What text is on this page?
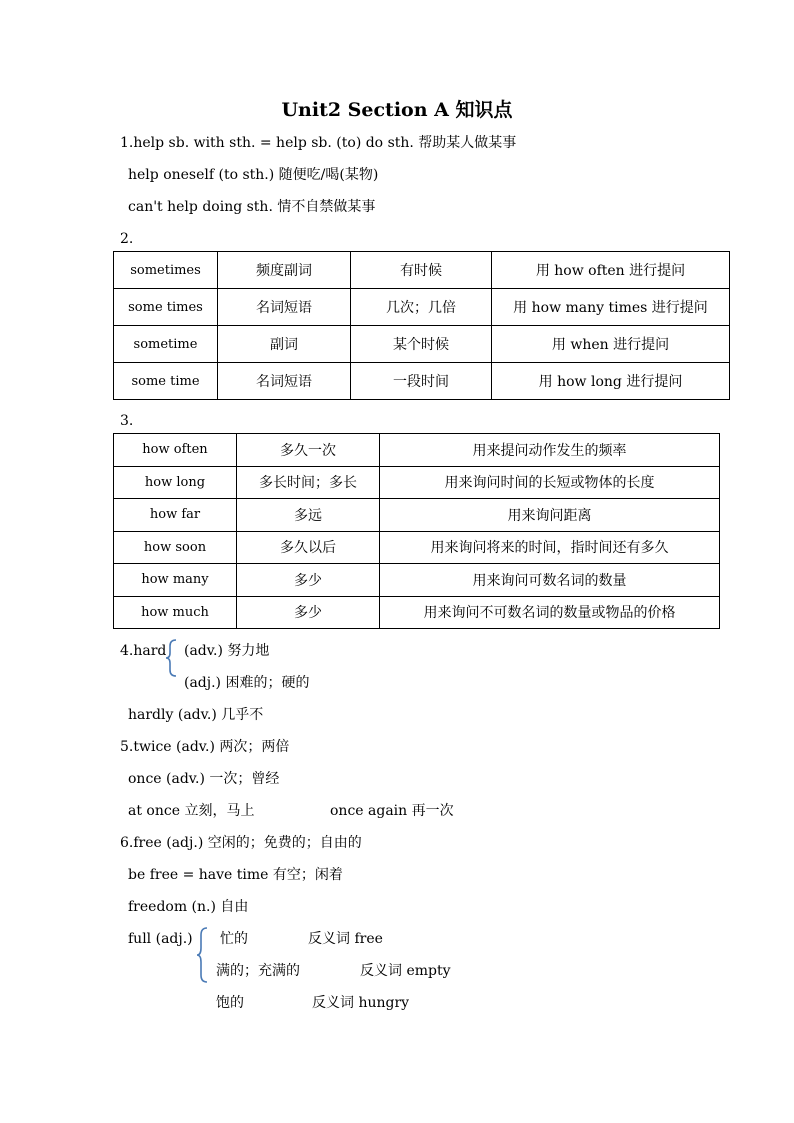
Unit2 Section A 知识点
1.help sb. with sth. = help sb. (to) do sth. 帮助某人做某事
help oneself (to sth.) 随便吃/喝(某物)
can't help doing sth. 情不自禁做某事
2.
sometimes	频度副词	有时候	用 how often 进行提问
some times	名词短语	几次；几倍	用 how many times 进行提问
sometime	副词	某个时候	用 when 进行提问
some time	名词短语	一段时间	用 how long 进行提问
3.
how often	多久一次	用来提问动作发生的频率
how long	多长时间；多长	用来询问时间的长短或物体的长度
how far	多远	用来询问距离
how soon	多久以后	用来询问将来的时间，指时间还有多久
how many	多少	用来询问可数名词的数量
how much	多少	用来询问不可数名词的数量或物品的价格
4.hard (adv.) 努力地
(adj.) 困难的；硬的
hardly (adv.) 几乎不
5.twice (adv.) 两次；两倍
once (adv.) 一次；曾经
at once 立刻，马上	once again 再一次
6.free (adj.) 空闲的；免费的；自由的
be free = have time 有空；闲着
freedom (n.) 自由
full (adj.) 忙的	反义词 free
满的；充满的	反义词 empty
饱的	反义词 hungry
